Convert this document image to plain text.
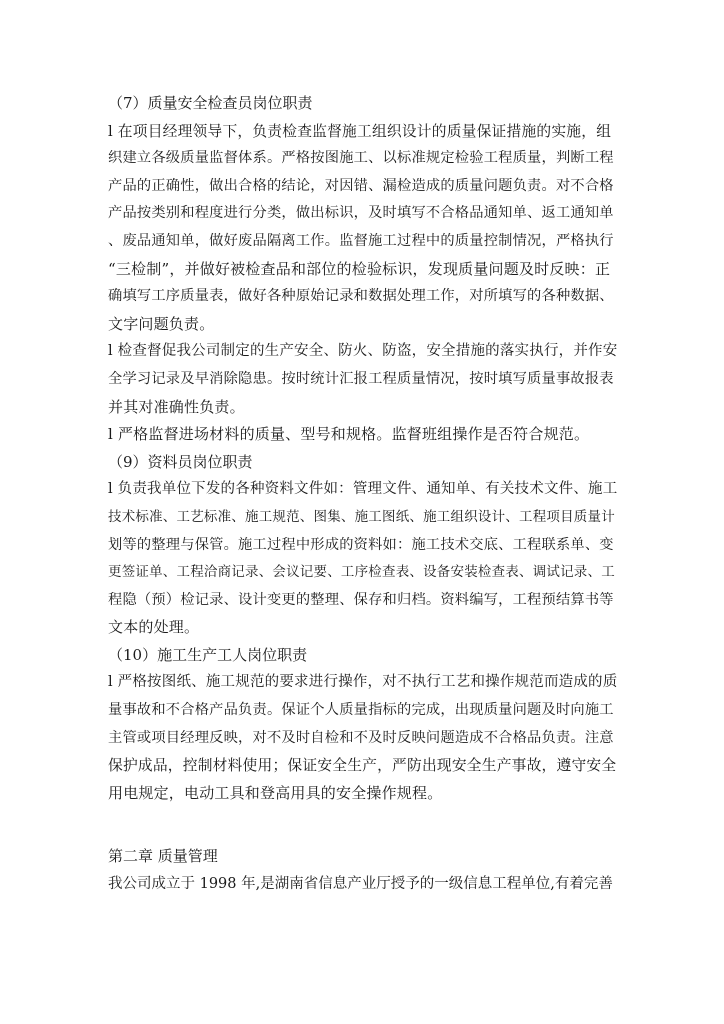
（7）质量安全检查员岗位职责

l 在项目经理领导下，负责检查监督施工组织设计的质量保证措施的实施，组
织建立各级质量监督体系。严格按图施工、以标准规定检验工程质量，判断工程
产品的正确性，做出合格的结论，对因错、漏检造成的质量问题负责。对不合格
产品按类别和程度进行分类，做出标识，及时填写不合格品通知单、返工通知单
、废品通知单，做好废品隔离工作。监督施工过程中的质量控制情况，严格执行
“三检制”，并做好被检查品和部位的检验标识，发现质量问题及时反映：正
确填写工序质量表，做好各种原始记录和数据处理工作，对所填写的各种数据、
文字问题负责。

l 检查督促我公司制定的生产安全、防火、防盗，安全措施的落实执行，并作安
全学习记录及早消除隐患。按时统计汇报工程质量情况，按时填写质量事故报表
并其对准确性负责。

l 严格监督进场材料的质量、型号和规格。监督班组操作是否符合规范。

（9）资料员岗位职责

l 负责我单位下发的各种资料文件如：管理文件、通知单、有关技术文件、施工
技术标准、工艺标准、施工规范、图集、施工图纸、施工组织设计、工程项目质量计
划等的整理与保管。施工过程中形成的资料如：施工技术交底、工程联系单、变
更签证单、工程洽商记录、会议记要、工序检查表、设备安装检查表、调试记录、工
程隐（预）检记录、设计变更的整理、保存和归档。资料编写，工程预结算书等
文本的处理。

（10）施工生产工人岗位职责

l 严格按图纸、施工规范的要求进行操作，对不执行工艺和操作规范而造成的质
量事故和不合格产品负责。保证个人质量指标的完成，出现质量问题及时向施工
主管或项目经理反映，对不及时自检和不及时反映问题造成不合格品负责。注意
保护成品，控制材料使用；保证安全生产，严防出现安全生产事故，遵守安全
用电规定，电动工具和登高用具的安全操作规程。

第二章 质量管理

我公司成立于 1998 年,是湖南省信息产业厅授予的一级信息工程单位,有着完善
